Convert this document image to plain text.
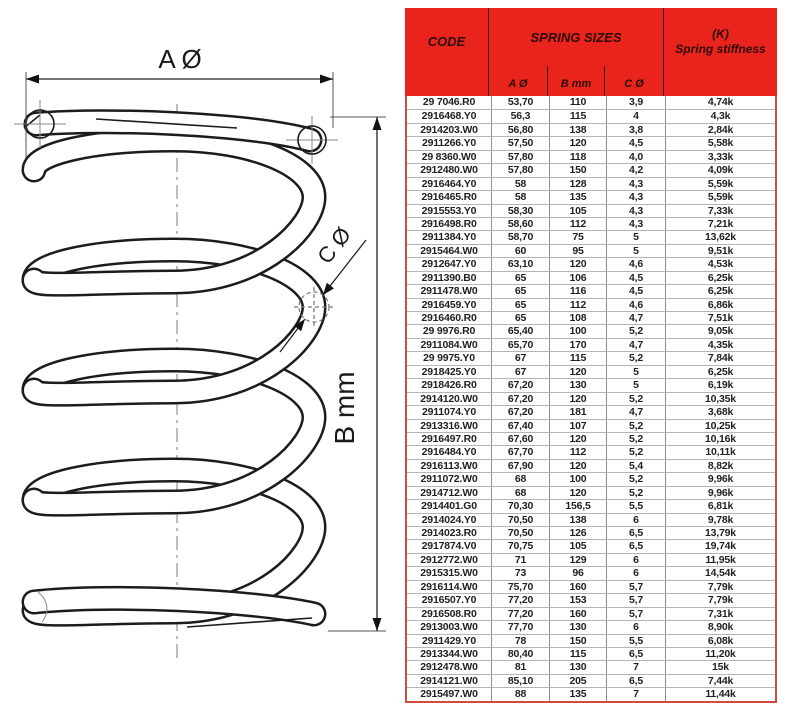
A Ø
B mm
C Ø
CODE	SPRING SIZES	(K)
Spring stiffness
A Ø	B mm	C Ø
29 7046.R0	53,70	110	3,9	4,74k
2916468.Y0	56,3	115	4	4,3k
2914203.W0	56,80	138	3,8	2,84k
2911266.Y0	57,50	120	4,5	5,58k
29 8360.W0	57,80	118	4,0	3,33k
2912480.W0	57,80	150	4,2	4,09k
2916464.Y0	58	128	4,3	5,59k
2916465.R0	58	135	4,3	5,59k
2915553.Y0	58,30	105	4,3	7,33k
2916498.R0	58,60	112	4,3	7,21k
2911384.Y0	58,70	75	5	13,62k
2915464.W0	60	95	5	9,51k
2912647.Y0	63,10	120	4,6	4,53k
2911390.B0	65	106	4,5	6,25k
2911478.W0	65	116	4,5	6,25k
2916459.Y0	65	112	4,6	6,86k
2916460.R0	65	108	4,7	7,51k
29 9976.R0	65,40	100	5,2	9,05k
2911084.W0	65,70	170	4,7	4,35k
29 9975.Y0	67	115	5,2	7,84k
2918425.Y0	67	120	5	6,25k
2918426.R0	67,20	130	5	6,19k
2914120.W0	67,20	120	5,2	10,35k
2911074.Y0	67,20	181	4,7	3,68k
2913316.W0	67,40	107	5,2	10,25k
2916497.R0	67,60	120	5,2	10,16k
2916484.Y0	67,70	112	5,2	10,11k
2916113.W0	67,90	120	5,4	8,82k
2911072.W0	68	100	5,2	9,96k
2914712.W0	68	120	5,2	9,96k
2914401.G0	70,30	156,5	5,5	6,81k
2914024.Y0	70,50	138	6	9,78k
2914023.R0	70,50	126	6,5	13,79k
2917874.V0	70,75	105	6,5	19,74k
2912772.W0	71	129	6	11,95k
2915315.W0	73	96	6	14,54k
2916114.W0	75,70	160	5,7	7,79k
2916507.Y0	77,20	153	5,7	7,79k
2916508.R0	77,20	160	5,7	7,31k
2913003.W0	77,70	130	6	8,90k
2911429.Y0	78	150	5,5	6,08k
2913344.W0	80,40	115	6,5	11,20k
2912478.W0	81	130	7	15k
2914121.W0	85,10	205	6,5	7,44k
2915497.W0	88	135	7	11,44k
